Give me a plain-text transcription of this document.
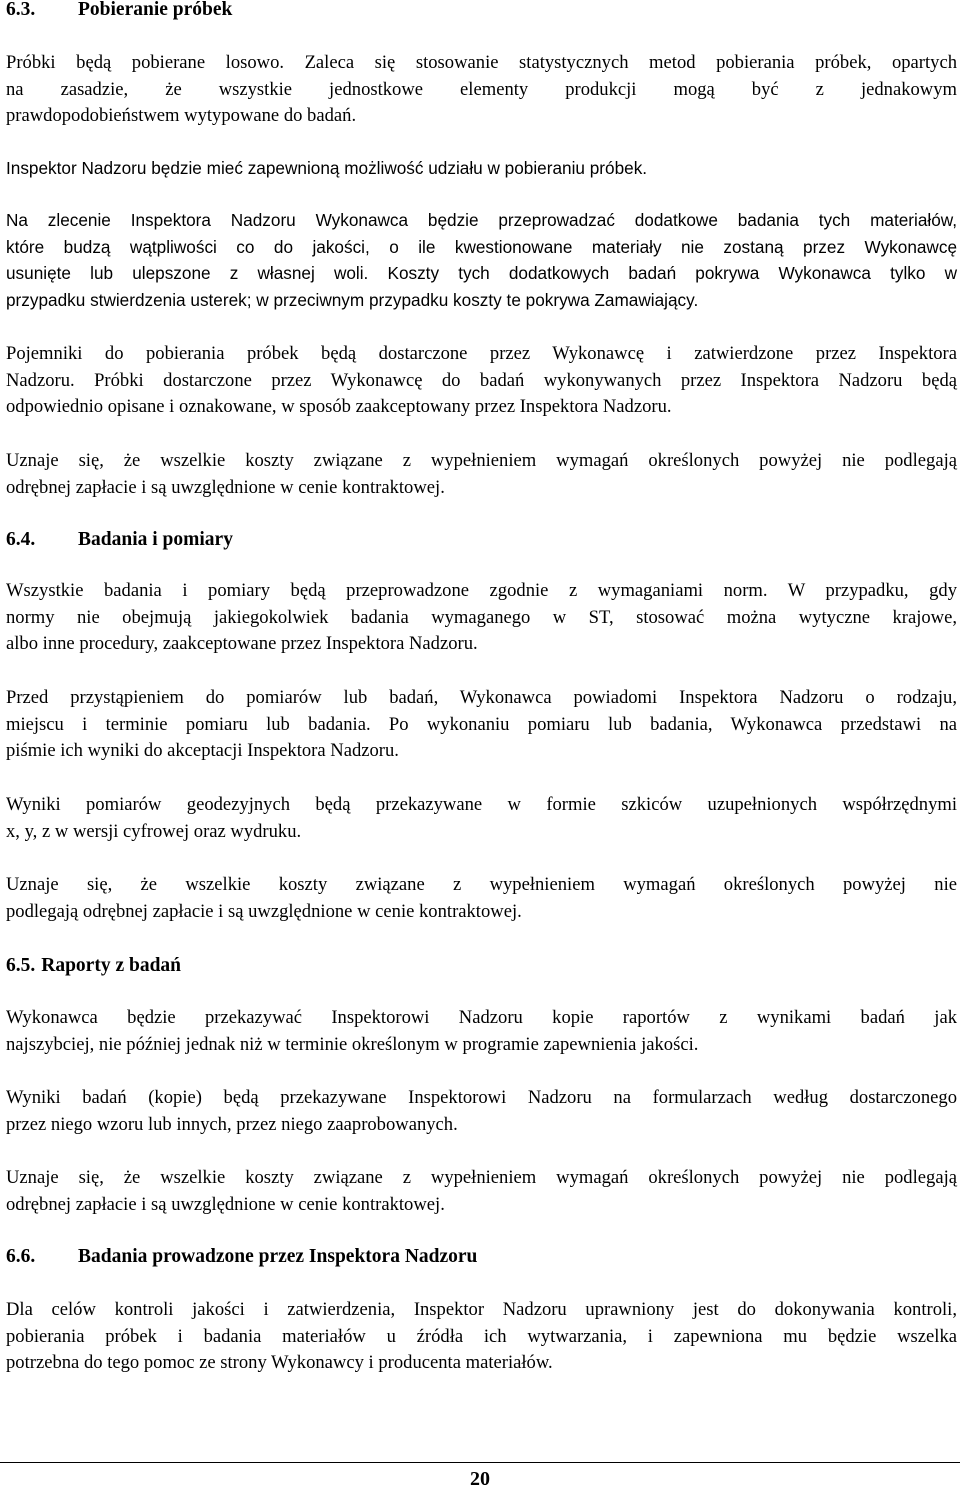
6.3. Pobieranie próbek
Próbki będą pobierane losowo. Zaleca się stosowanie statystycznych metod pobierania próbek, opartych
na zasadzie, że wszystkie jednostkowe elementy produkcji mogą być z jednakowym
prawdopodobieństwem wytypowane do badań.
Inspektor Nadzoru będzie mieć zapewnioną możliwość udziału w pobieraniu próbek.
Na zlecenie Inspektora Nadzoru Wykonawca będzie przeprowadzać dodatkowe badania tych materiałów,
które budzą wątpliwości co do jakości, o ile kwestionowane materiały nie zostaną przez Wykonawcę
usunięte lub ulepszone z własnej woli. Koszty tych dodatkowych badań pokrywa Wykonawca tylko w
przypadku stwierdzenia usterek; w przeciwnym przypadku koszty te pokrywa Zamawiający.
Pojemniki do pobierania próbek będą dostarczone przez Wykonawcę i zatwierdzone przez Inspektora
Nadzoru. Próbki dostarczone przez Wykonawcę do badań wykonywanych przez Inspektora Nadzoru będą
odpowiednio opisane i oznakowane, w sposób zaakceptowany przez Inspektora Nadzoru.
Uznaje się, że wszelkie koszty związane z wypełnieniem wymagań określonych powyżej nie podlegają
odrębnej zapłacie i są uwzględnione w cenie kontraktowej.
6.4. Badania i pomiary
Wszystkie badania i pomiary będą przeprowadzone zgodnie z wymaganiami norm. W przypadku, gdy
normy nie obejmują jakiegokolwiek badania wymaganego w ST, stosować można wytyczne krajowe,
albo inne procedury, zaakceptowane przez Inspektora Nadzoru.
Przed przystąpieniem do pomiarów lub badań, Wykonawca powiadomi Inspektora Nadzoru o rodzaju,
miejscu i terminie pomiaru lub badania. Po wykonaniu pomiaru lub badania, Wykonawca przedstawi na
piśmie ich wyniki do akceptacji Inspektora Nadzoru.
Wyniki pomiarów geodezyjnych będą przekazywane w formie szkiców uzupełnionych współrzędnymi
x, y, z w wersji cyfrowej oraz wydruku.
Uznaje się, że wszelkie koszty związane z wypełnieniem wymagań określonych powyżej nie
podlegają odrębnej zapłacie i są uwzględnione w cenie kontraktowej.
6.5. Raporty z badań
Wykonawca będzie przekazywać Inspektorowi Nadzoru kopie raportów z wynikami badań jak
najszybciej, nie później jednak niż w terminie określonym w programie zapewnienia jakości.
Wyniki badań (kopie) będą przekazywane Inspektorowi Nadzoru na formularzach według dostarczonego
przez niego wzoru lub innych, przez niego zaaprobowanych.
Uznaje się, że wszelkie koszty związane z wypełnieniem wymagań określonych powyżej nie podlegają
odrębnej zapłacie i są uwzględnione w cenie kontraktowej.
6.6. Badania prowadzone przez Inspektora Nadzoru
Dla celów kontroli jakości i zatwierdzenia, Inspektor Nadzoru uprawniony jest do dokonywania kontroli,
pobierania próbek i badania materiałów u źródła ich wytwarzania, i zapewniona mu będzie wszelka
potrzebna do tego pomoc ze strony Wykonawcy i producenta materiałów.
20
